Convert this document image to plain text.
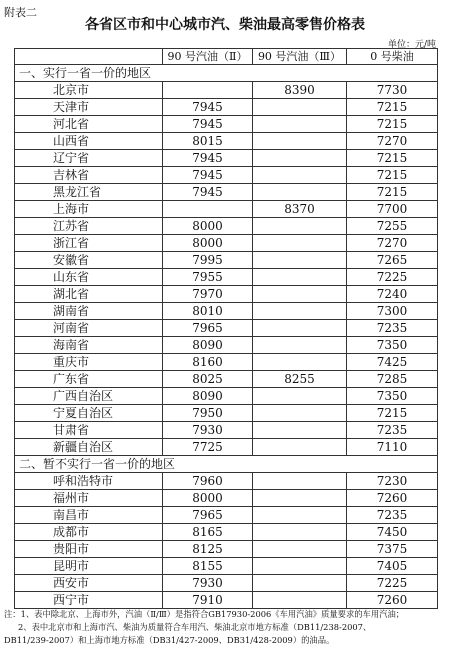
附表二
各省区市和中心城市汽、柴油最高零售价格表
单位：元/吨
	90 号汽油（Ⅱ）	90 号汽油（Ⅲ）	0 号柴油
一、实行一省一价的地区			
北京市		8390	7730
天津市	7945		7215
河北省	7945		7215
山西省	8015		7270
辽宁省	7945		7215
吉林省	7945		7215
黑龙江省	7945		7215
上海市		8370	7700
江苏省	8000		7255
浙江省	8000		7270
安徽省	7995		7265
山东省	7955		7225
湖北省	7970		7240
湖南省	8010		7300
河南省	7965		7235
海南省	8090		7350
重庆市	8160		7425
广东省	8025	8255	7285
广西自治区	8090		7350
宁夏自治区	7950		7215
甘肃省	7930		7235
新疆自治区	7725		7110
二、暂不实行一省一价的地区			
呼和浩特市	7960		7230
福州市	8000		7260
南昌市	7965		7235
成都市	8165		7450
贵阳市	8125		7375
昆明市	8155		7405
西安市	7930		7225
西宁市	7910		7260
注：1、表中除北京、上海市外，汽油（Ⅱ/Ⅲ）是指符合GB17930-2006《车用汽油》质量要求的车用汽油；
2、表中北京市和上海市汽、柴油为质量符合车用汽、柴油北京市地方标准（DB11/238-2007、
DB11/239-2007）和上海市地方标准（DB31/427-2009、DB31/428-2009）的油品。
